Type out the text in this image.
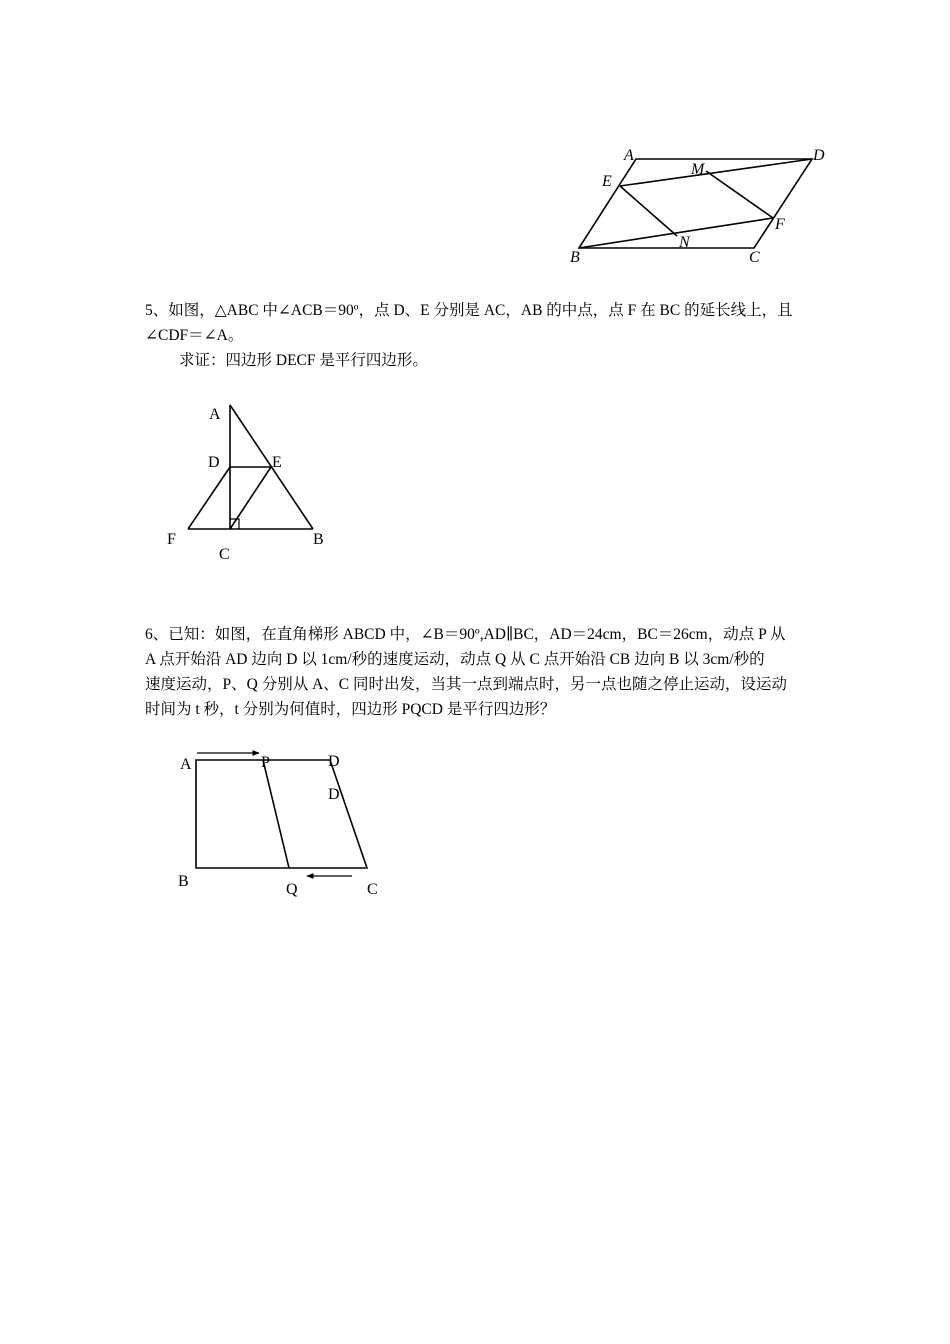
A	D
E
M
F
B
N
C
5、如图，△ABC 中∠ACB＝90º，点 D、E 分别是 AC，AB 的中点，点 F 在 BC 的延长线上，且
∠CDF＝∠A。
求证：四边形 DECF 是平行四边形。
A
D	E
F
C
B
6、已知：如图，在直角梯形 ABCD 中，∠B＝90º,AD∥BC，AD＝24cm，BC＝26cm，动点 P 从
A 点开始沿 AD 边向 D 以 1cm/秒的速度运动，动点 Q 从 C 点开始沿 CB 边向 B 以 3cm/秒的
速度运动，P、Q 分别从 A、C 同时出发，当其一点到端点时，另一点也随之停止运动，设运动
时间为 t 秒，t 分别为何值时，四边形 PQCD 是平行四边形？
A	P	D
D
B	Q	C
